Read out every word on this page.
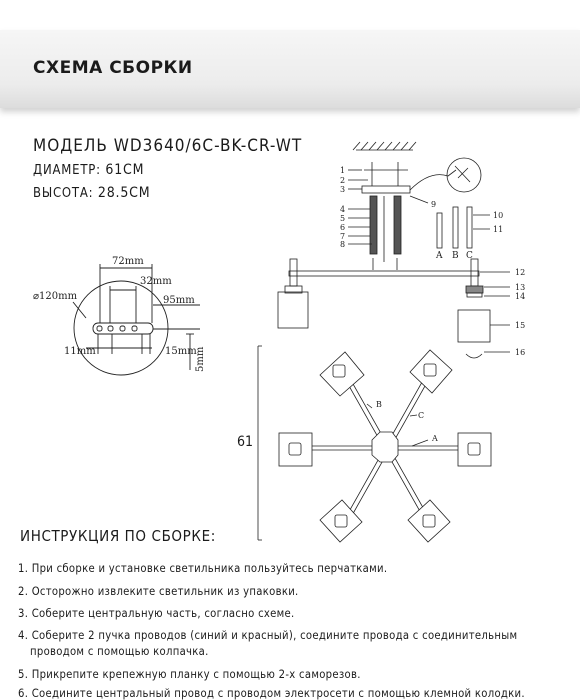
СХЕМА СБОРКИ
МОДЕЛЬ WD3640/6C-BK-CR-WT
ДИАМЕТР: 61СМ
ВЫСОТА: 28.5СМ
72mm
32mm
95mm
⌀120mm
11mm	15mm
5mm
1
2
3
4
5
6
7
8
9
A B C
10
11
12
13
14
15
16
B
C
A
61
ИНСТРУКЦИЯ ПО СБОРКЕ:
1. При сборке и установке светильника пользуйтесь перчатками.
2. Осторожно извлеките светильник из упаковки.
3. Соберите центральную часть, согласно схеме.
4. Соберите 2 пучка проводов (синий и красный), соедините провода с соединительным
проводом с помощью колпачка.
5. Прикрепите крепежную планку с помощью 2-х саморезов.
6. Соедините центральный провод с проводом электросети с помощью клемной колодки.
